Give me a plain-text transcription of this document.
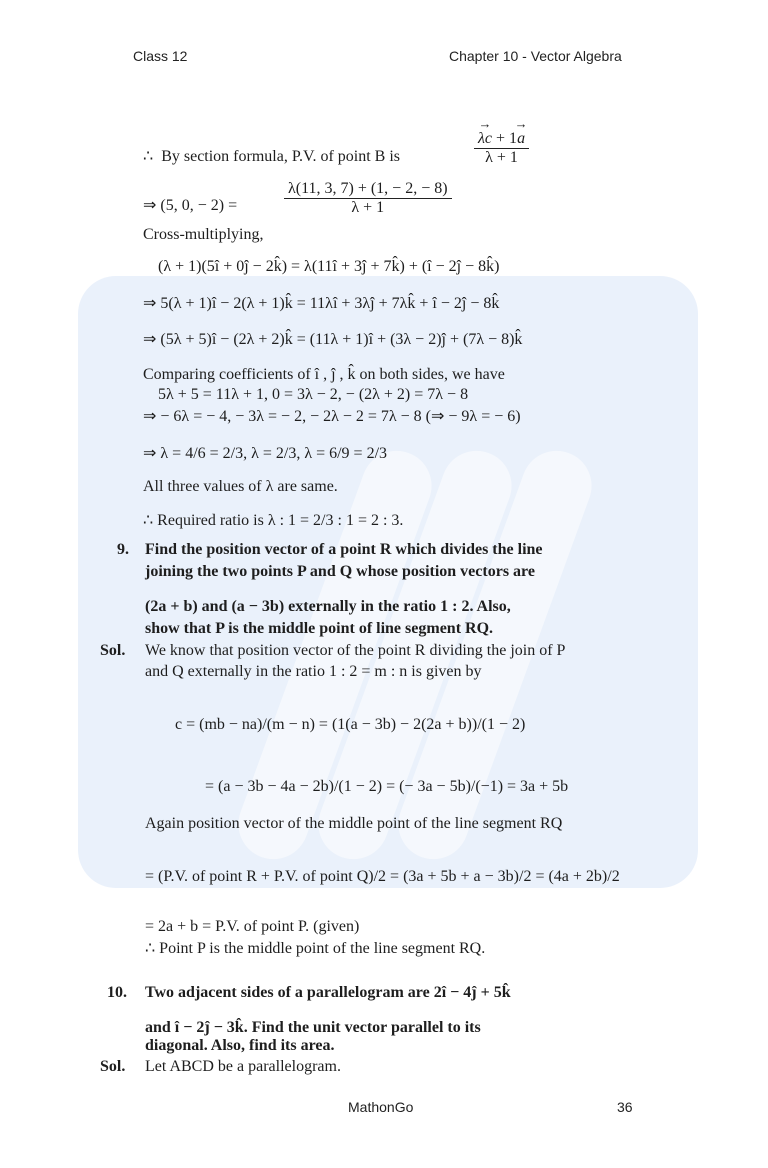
Class 12	Chapter 10 - Vector Algebra
∴  By section formula, P.V. of point B is
→ λc + 1→ a
λ + 1
⇒ (5, 0, − 2) =
λ(11, 3, 7) + (1, − 2, − 8)
λ + 1
Cross-multiplying,
(λ + 1)(5î + 0ĵ − 2k̂) = λ(11î + 3ĵ + 7k̂) + (î − 2ĵ − 8k̂)
⇒ 5(λ + 1)î − 2(λ + 1)k̂ = 11λî + 3λĵ + 7λk̂ + î − 2ĵ − 8k̂
⇒ (5λ + 5)î − (2λ + 2)k̂ = (11λ + 1)î + (3λ − 2)ĵ + (7λ − 8)k̂
Comparing coefficients of î , ĵ , k̂ on both sides, we have
5λ + 5 = 11λ + 1, 0 = 3λ − 2, − (2λ + 2) = 7λ − 8
⇒ − 6λ = − 4, − 3λ = − 2, − 2λ − 2 = 7λ − 8 (⇒ − 9λ = − 6)
⇒ λ = 4/6 = 2/3, λ = 2/3, λ = 6/9 = 2/3
All three values of λ are same.
∴ Required ratio is λ : 1 = 2/3 : 1 = 2 : 3.
9. Find the position vector of a point R which divides the line
joining the two points P and Q whose position vectors are
(2a + b) and (a − 3b) externally in the ratio 1 : 2. Also,
show that P is the middle point of line segment RQ.
Sol. We know that position vector of the point R dividing the join of P
and Q externally in the ratio 1 : 2 = m : n is given by
c = (mb − na)/(m − n) = (1(a − 3b) − 2(2a + b))/(1 − 2)
= (a − 3b − 4a − 2b)/(1 − 2) = (− 3a − 5b)/(−1) = 3a + 5b
Again position vector of the middle point of the line segment RQ
= (P.V. of point R + P.V. of point Q)/2 = (3a + 5b + a − 3b)/2 = (4a + 2b)/2
= 2a + b = P.V. of point P. (given)
∴ Point P is the middle point of the line segment RQ.
10. Two adjacent sides of a parallelogram are 2î − 4ĵ + 5k̂
and î − 2ĵ − 3k̂. Find the unit vector parallel to its
diagonal. Also, find its area.
Sol. Let ABCD be a parallelogram.
MathonGo	36
